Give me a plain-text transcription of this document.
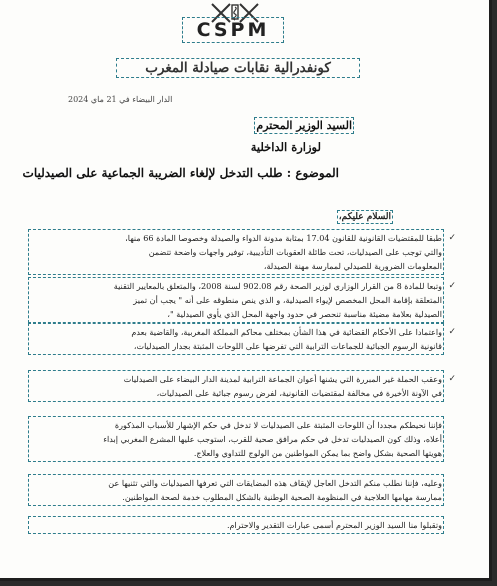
CSPM
كونفدرالية نقابات صيادلة المغرب
الدار البيضاء في 21 ماي 2024
السيد الوزير المحترم
لوزارة الداخلية
الموضوع : طلب التدخل لإلغاء الضريبة الجماعية على الصيدليات
السلام عليكم،
✓

طبقا للمقتضيات القانونية للقانون 17.04 بمثابة مدونة الدواء والصيدلة وخصوصا المادة 66 منها،

والتي توجب على الصيدليات، تحت طائلة العقوبات التأديبية، توفير واجهات واضحة تتضمن

المعلومات الضرورية للصيدلي لممارسة مهنة الصيدلة،

✓

وتبعا للمادة 8 من القرار الوزاري لوزير الصحة رقم 902.08 لسنة 2008، والمتعلق بالمعايير التقنية

المتعلقة بإقامة المحل المخصص لإيواء الصيدلية، و الذي ينص منطوقه على أنه " يجب أن تميز

الصيدلية بعلامة مضيئة مناسبة تنحصر في حدود واجهة المحل الذي يأوي الصيدلية "،

✓

واعتمادا على الأحكام القضائية في هذا الشأن بمختلف محاكم المملكة المغربية، والقاضية بعدم

قانونية الرسوم الجبائية للجماعات الترابية التي تفرضها على اللوحات المثبتة بجدار الصيدليات،

✓

وعقب الحملة غير المبررة التي يشنها أعوان الجماعة الترابية لمدينة الدار البيضاء على الصيدليات

في الآونة الأخيرة في مخالفة لمقتضيات القانونية، لفرض رسوم جبائية على الصيدليات،

فإننا نحيطكم مجددا أن اللوحات المثبتة على الصيدليات لا تدخل في حكم الإشهار للأسباب المذكورة

أعلاه، وذلك كون الصيدليات تدخل في حكم مرافق صحية للقرب، استوجب عليها المشرع المغربي إبداء

هويتها الصحية بشكل واضح بما يمكن المواطنين من الولوج للتداوي والعلاج.

وعليه، فإننا نطلب منكم التدخل العاجل لإيقاف هذه المضايقات التي تعرفها الصيدليات والتي تثنيها عن

ممارسة مهامها العلاجية في المنظومة الصحية الوطنية بالشكل المطلوب خدمة لصحة المواطنين.

وتقبلوا منا السيد الوزير المحترم أسمى عبارات التقدير والاحترام.
